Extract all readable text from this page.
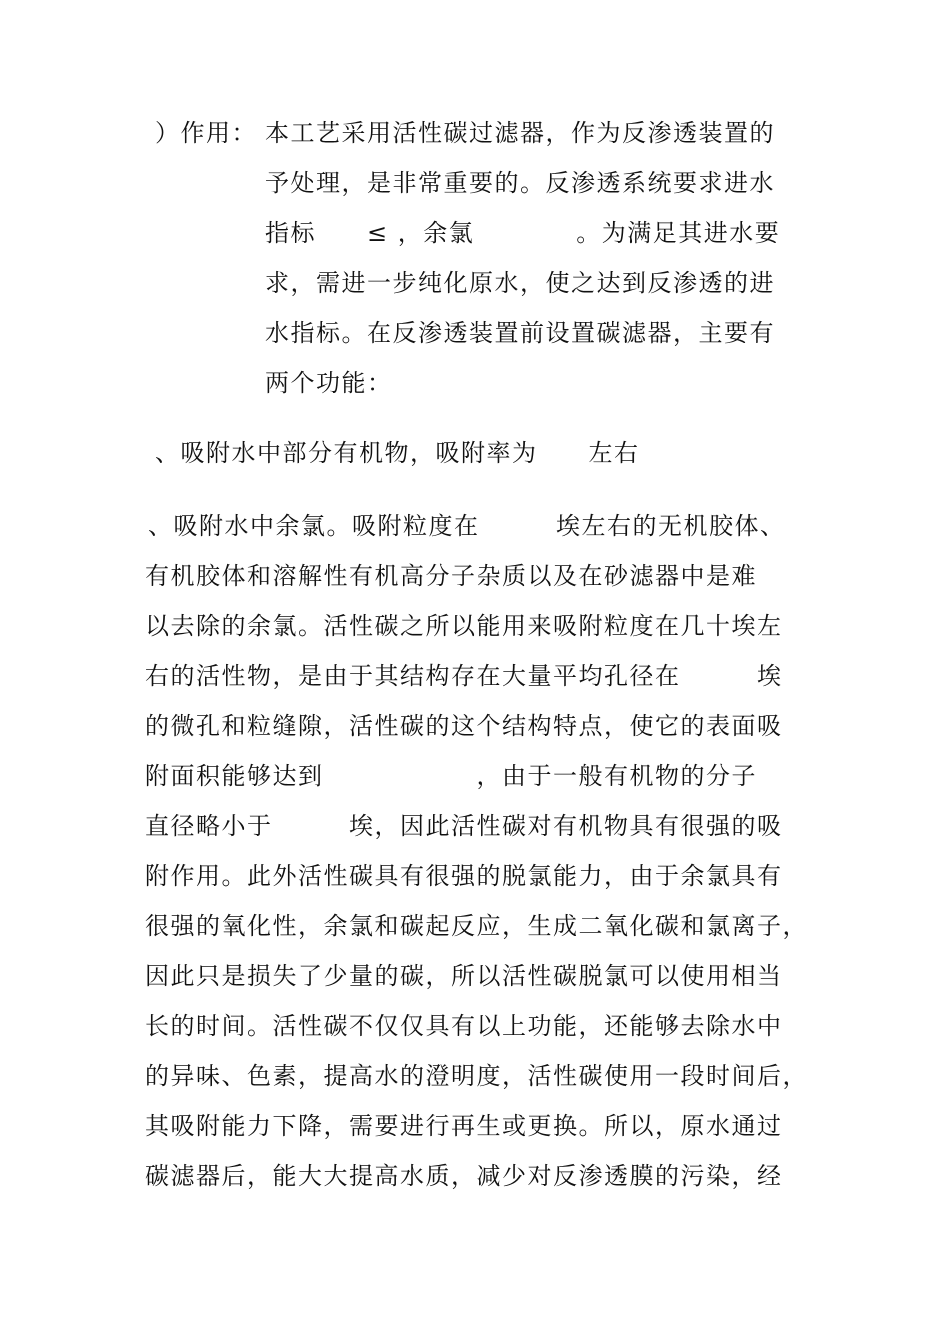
）作用： 本工艺采用活性碳过滤器，作为反渗透装置的
予处理，是非常重要的。反渗透系统要求进水
指标　　≤ ，余氯　　　　。为满足其进水要
求，需进一步纯化原水，使之达到反渗透的进
水指标。在反渗透装置前设置碳滤器，主要有
两个功能：
、吸附水中部分有机物，吸附率为　　左右
、吸附水中余氯。吸附粒度在　　　埃左右的无机胶体、
有机胶体和溶解性有机高分子杂质以及在砂滤器中是难
以去除的余氯。活性碳之所以能用来吸附粒度在几十埃左
右的活性物，是由于其结构存在大量平均孔径在　　　埃
的微孔和粒缝隙，活性碳的这个结构特点，使它的表面吸
附面积能够达到　　　　　　，由于一般有机物的分子
直径略小于　　　埃，因此活性碳对有机物具有很强的吸
附作用。此外活性碳具有很强的脱氯能力，由于余氯具有
很强的氧化性，余氯和碳起反应，生成二氧化碳和氯离子，
因此只是损失了少量的碳，所以活性碳脱氯可以使用相当
长的时间。活性碳不仅仅具有以上功能，还能够去除水中
的异味、色素，提高水的澄明度，活性碳使用一段时间后，
其吸附能力下降，需要进行再生或更换。所以，原水通过
碳滤器后，能大大提高水质，减少对反渗透膜的污染，经
